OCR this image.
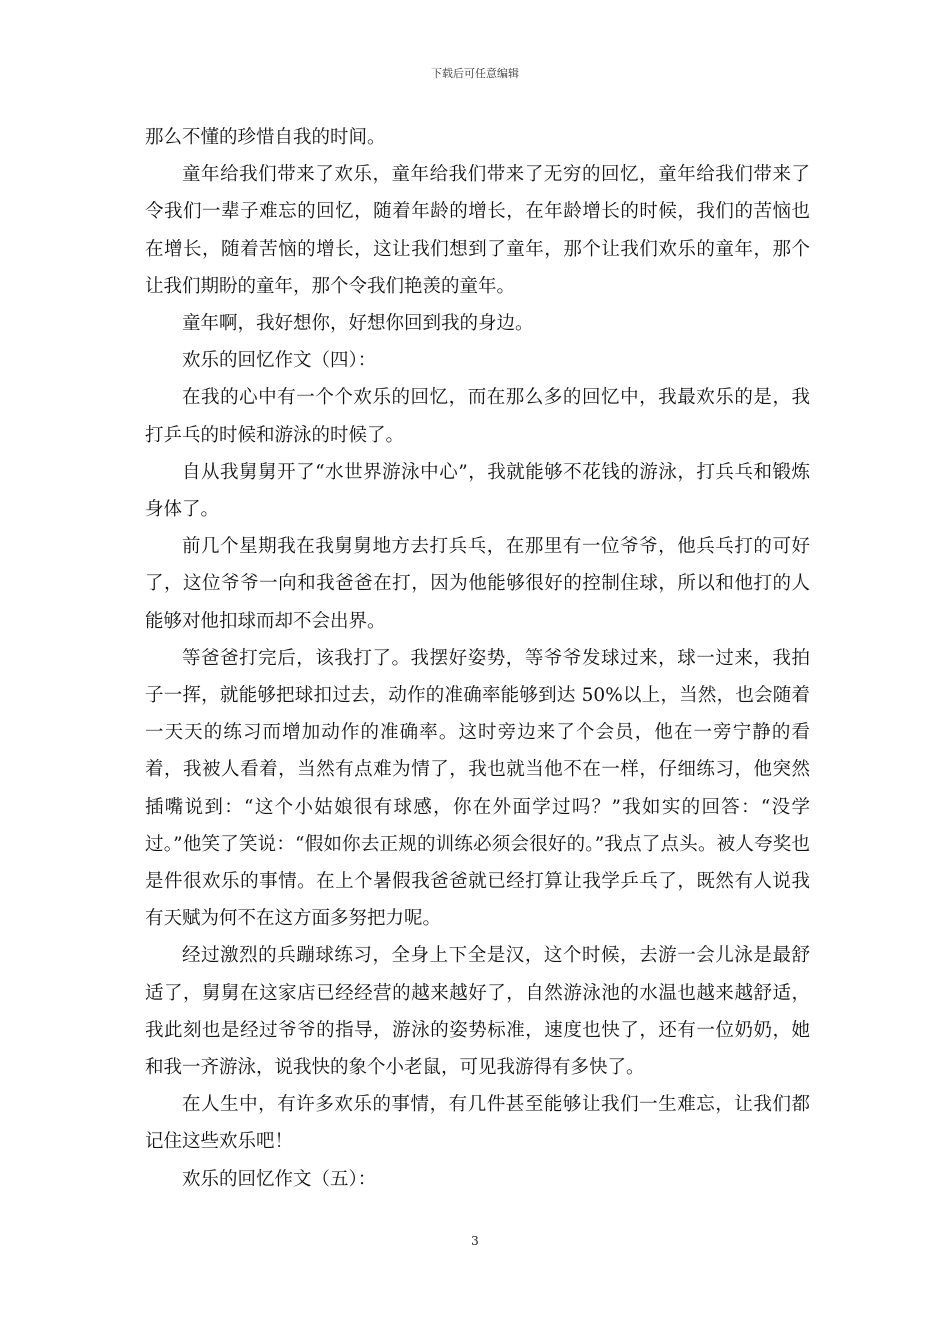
下载后可任意编辑

那么不懂的珍惜自我的时间。

童年给我们带来了欢乐，童年给我们带来了无穷的回忆，童年给我们带来了令我们一辈子难忘的回忆，随着年龄的增长，在年龄增长的时候，我们的苦恼也在增长，随着苦恼的增长，这让我们想到了童年，那个让我们欢乐的童年，那个让我们期盼的童年，那个令我们艳羡的童年。

童年啊，我好想你，好想你回到我的身边。

欢乐的回忆作文（四）：

在我的心中有一个个欢乐的回忆，而在那么多的回忆中，我最欢乐的是，我打乒乓的时候和游泳的时候了。

自从我舅舅开了“水世界游泳中心”，我就能够不花钱的游泳，打兵乓和锻炼身体了。

前几个星期我在我舅舅地方去打兵乓，在那里有一位爷爷，他兵乓打的可好了，这位爷爷一向和我爸爸在打，因为他能够很好的控制住球，所以和他打的人能够对他扣球而却不会出界。

等爸爸打完后，该我打了。我摆好姿势，等爷爷发球过来，球一过来，我拍子一挥，就能够把球扣过去，动作的准确率能够到达 50%以上，当然，也会随着一天天的练习而增加动作的准确率。这时旁边来了个会员，他在一旁宁静的看着，我被人看着，当然有点难为情了，我也就当他不在一样，仔细练习，他突然插嘴说到：“这个小姑娘很有球感，你在外面学过吗？”我如实的回答：“没学过。”他笑了笑说：“假如你去正规的训练必须会很好的。”我点了点头。被人夸奖也是件很欢乐的事情。在上个暑假我爸爸就已经打算让我学乒乓了，既然有人说我有天赋为何不在这方面多努把力呢。

经过激烈的兵蹦球练习，全身上下全是汉，这个时候，去游一会儿泳是最舒适了，舅舅在这家店已经经营的越来越好了，自然游泳池的水温也越来越舒适，我此刻也是经过爷爷的指导，游泳的姿势标准，速度也快了，还有一位奶奶，她和我一齐游泳，说我快的象个小老鼠，可见我游得有多快了。

在人生中，有许多欢乐的事情，有几件甚至能够让我们一生难忘，让我们都记住这些欢乐吧！

欢乐的回忆作文（五）：

3
